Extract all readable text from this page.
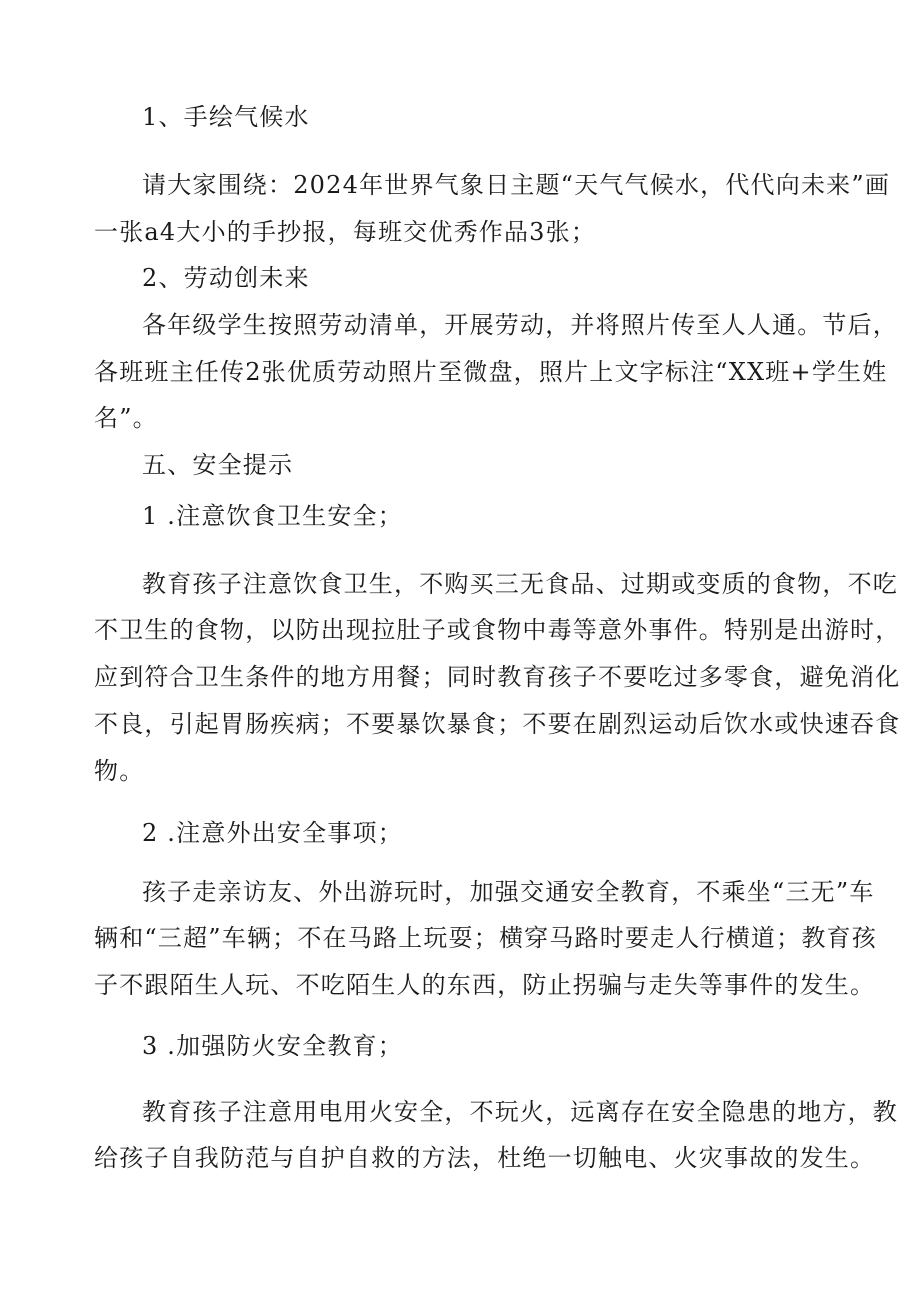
1、手绘气候水
请大家围绕：2024年世界气象日主题“天气气候水，代代向未来”画
一张a4大小的手抄报，每班交优秀作品3张；
2、劳动创未来
各年级学生按照劳动清单，开展劳动，并将照片传至人人通。节后，
各班班主任传2张优质劳动照片至微盘，照片上文字标注“XX班+学生姓
名”。
五、安全提示
1 .注意饮食卫生安全；
教育孩子注意饮食卫生，不购买三无食品、过期或变质的食物，不吃
不卫生的食物，以防出现拉肚子或食物中毒等意外事件。特别是出游时，
应到符合卫生条件的地方用餐；同时教育孩子不要吃过多零食，避免消化
不良，引起胃肠疾病；不要暴饮暴食；不要在剧烈运动后饮水或快速吞食
物。
2 .注意外出安全事项；
孩子走亲访友、外出游玩时，加强交通安全教育，不乘坐“三无”车
辆和“三超”车辆；不在马路上玩耍；横穿马路时要走人行横道；教育孩
子不跟陌生人玩、不吃陌生人的东西，防止拐骗与走失等事件的发生。
3 .加强防火安全教育；
教育孩子注意用电用火安全，不玩火，远离存在安全隐患的地方，教
给孩子自我防范与自护自救的方法，杜绝一切触电、火灾事故的发生。
